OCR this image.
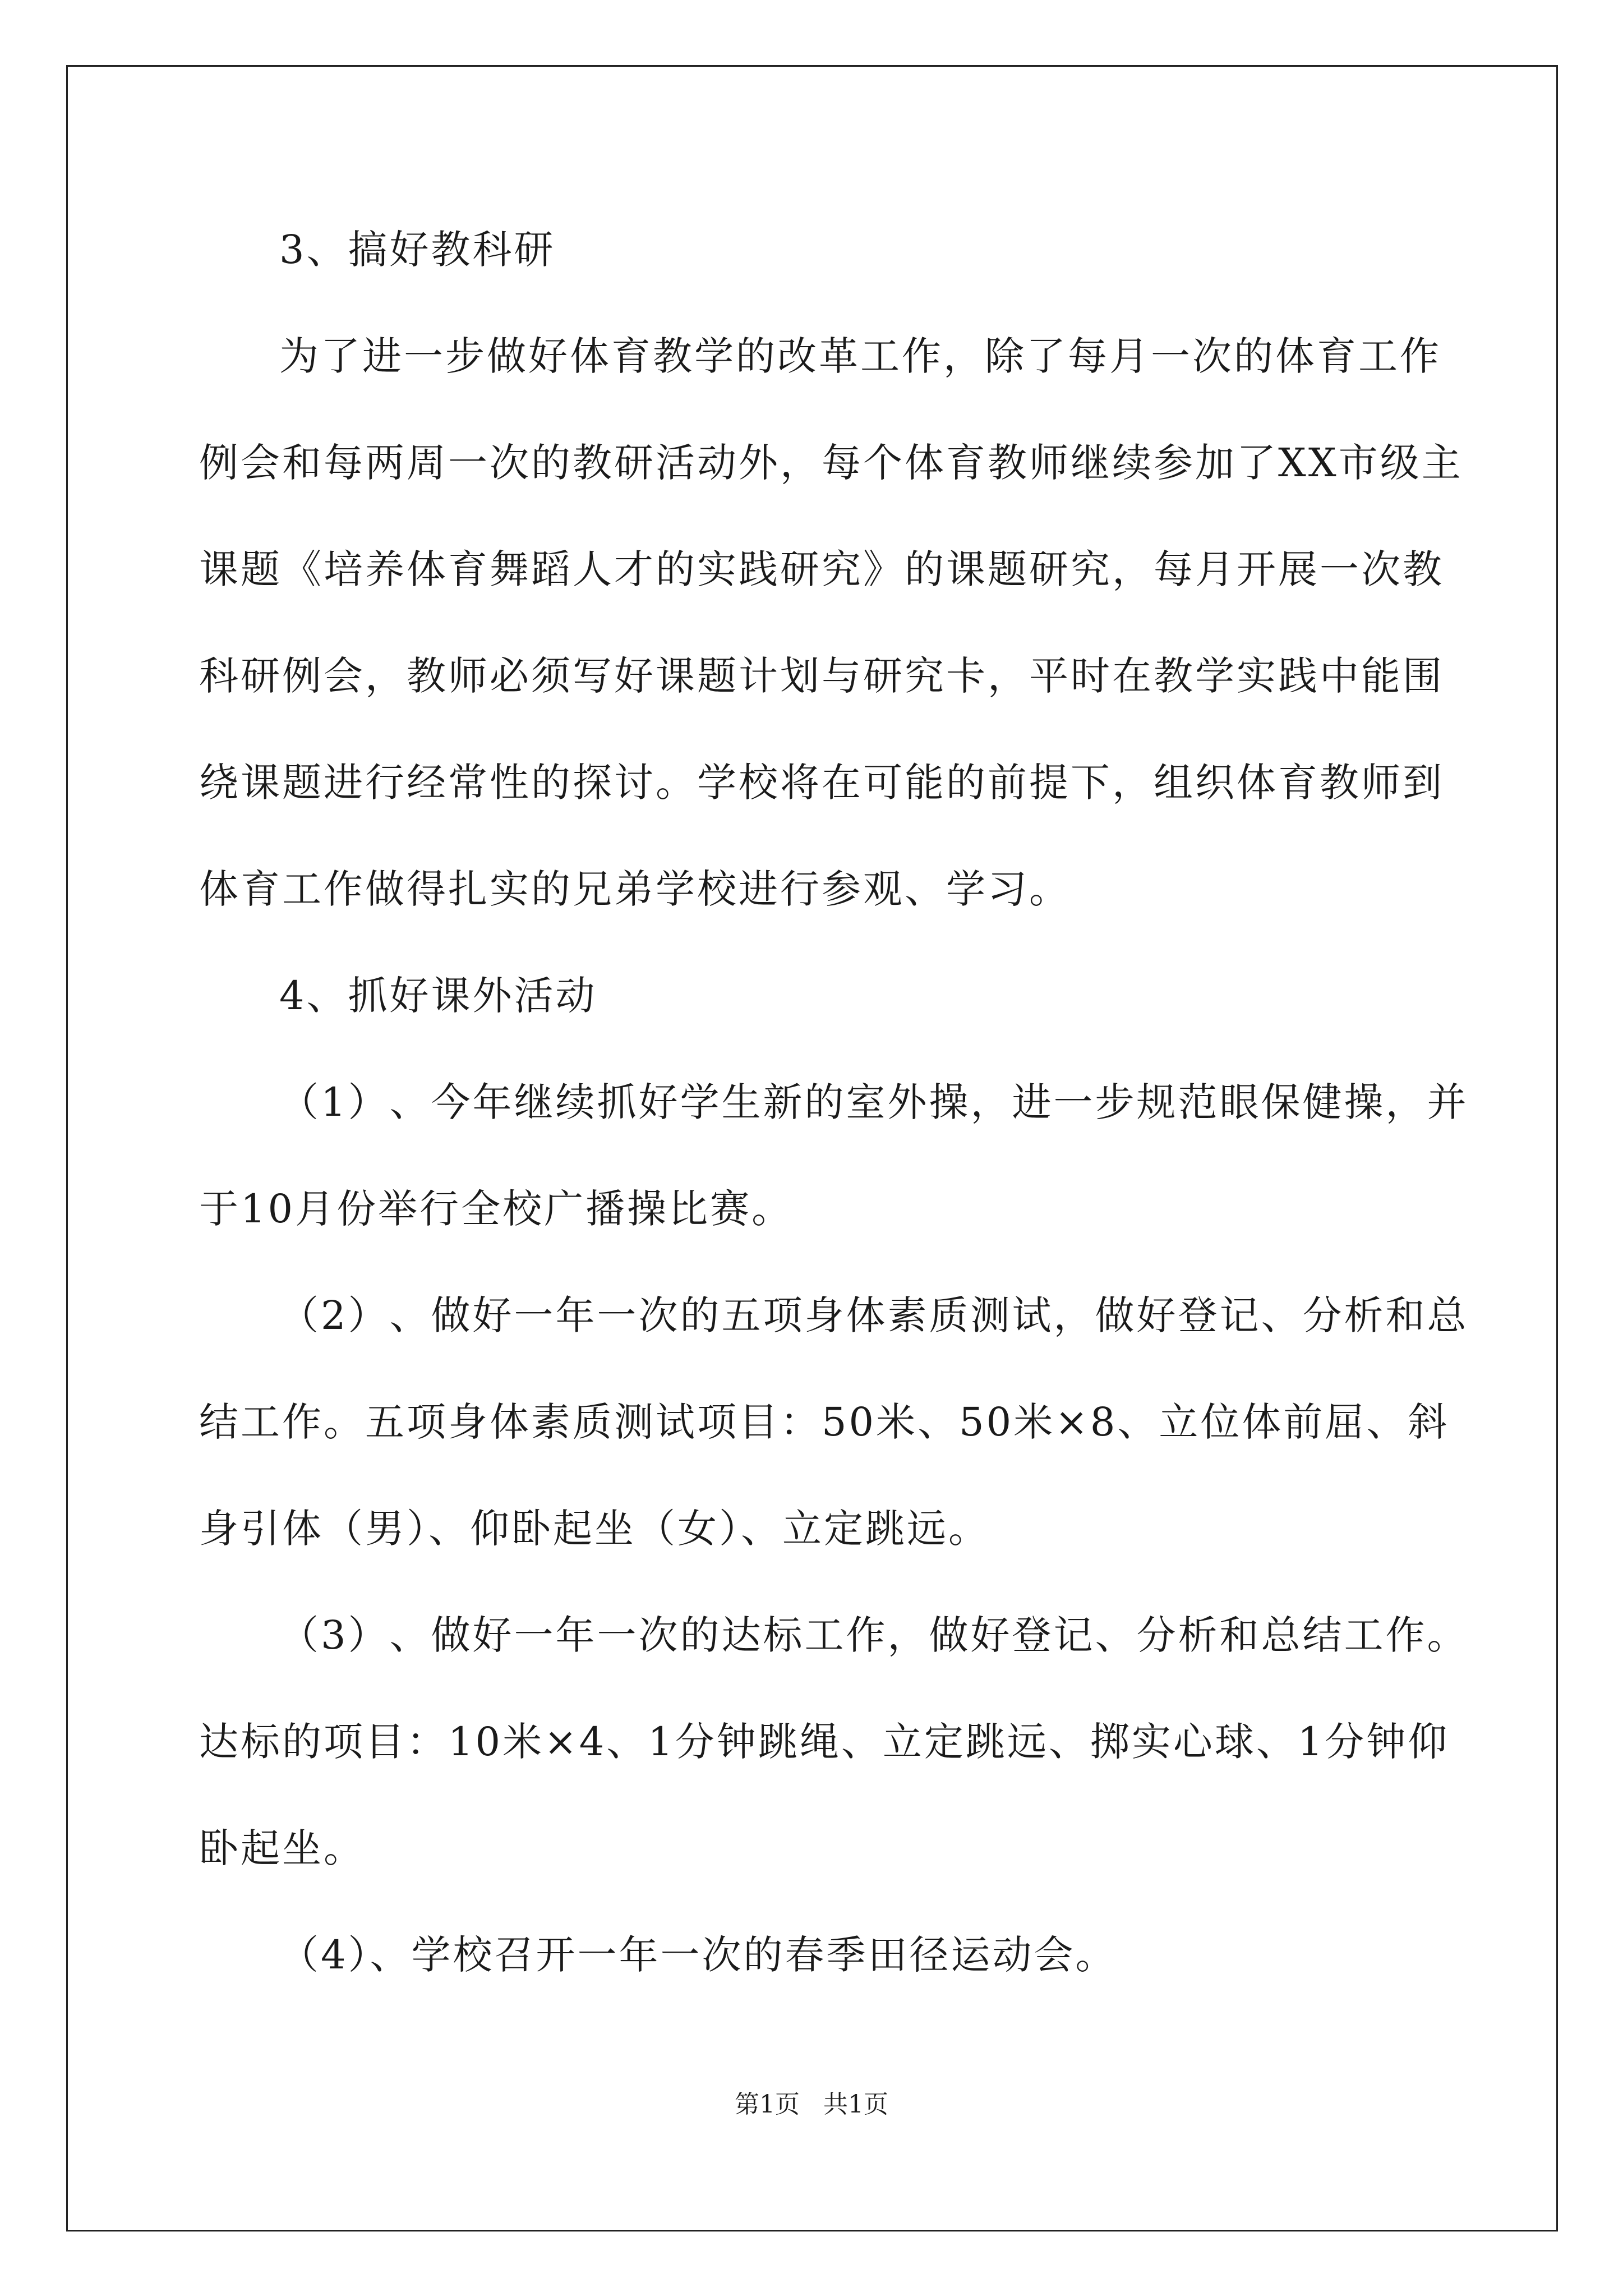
3、搞好教科研
为 了 进 一 步 做 好 体 育 教 学 的 改 革 工 作 ， 除 了 每 月 一 次 的 体 育 工 作
例 会 和 每 两 周 一 次 的 教 研 活 动 外 ， 每 个 体 育 教 师 继 续 参 加 了 X X 市 级 主
课 题 《 培 养 体 育 舞 蹈 人 才 的 实 践 研 究 》 的 课 题 研 究 ， 每 月 开 展 一 次 教
科 研 例 会 ， 教 师 必 须 写 好 课 题 计 划 与 研 究 卡 ， 平 时 在 教 学 实 践 中 能 围
绕 课 题 进 行 经 常 性 的 探 讨 。 学 校 将 在 可 能 的 前 提 下 ， 组 织 体 育 教 师 到
体育工作做得扎实的兄弟学校进行参观、学习。
4、抓好课外活动
（ 1 ） 、 今 年 继 续 抓 好 学 生 新 的 室 外 操 ， 进 一 步 规 范 眼 保 健 操 ， 并
于10月份举行全校广播操比赛。
（ 2 ） 、 做 好 一 年 一 次 的 五 项 身 体 素 质 测 试 ， 做 好 登 记 、 分 析 和 总
结 工 作 。 五 项 身 体 素 质 测 试 项 目 ： 5 0 米 、 5 0 米 × 8 、 立 位 体 前 屈 、 斜
身引体（男）、仰卧起坐（女）、立定跳远。
（ 3 ） 、 做 好 一 年 一 次 的 达 标 工 作 ， 做 好 登 记 、 分 析 和 总 结 工 作 。
达 标 的 项 目 ： 1 0 米 × 4 、 1 分 钟 跳 绳 、 立 定 跳 远 、 掷 实 心 球 、 1 分 钟 仰
卧起坐。
（4）、学校召开一年一次的春季田径运动会。
第1页   共1页
